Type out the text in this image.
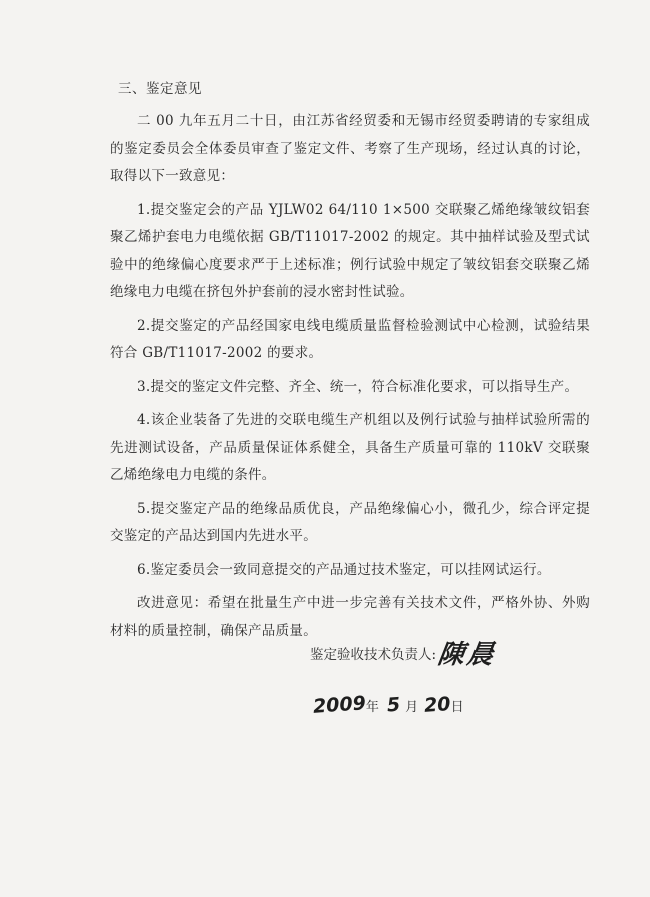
三、鉴定意见

二 00 九年五月二十日，由江苏省经贸委和无锡市经贸委聘请的专家组成的鉴定委员会全体委员审查了鉴定文件、考察了生产现场，经过认真的讨论，取得以下一致意见：

1.提交鉴定会的产品 YJLW02 64/110 1×500 交联聚乙烯绝缘皱纹铝套聚乙烯护套电力电缆依据 GB/T11017-2002 的规定。其中抽样试验及型式试验中的绝缘偏心度要求严于上述标准；例行试验中规定了皱纹铝套交联聚乙烯绝缘电力电缆在挤包外护套前的浸水密封性试验。

2.提交鉴定的产品经国家电线电缆质量监督检验测试中心检测，试验结果符合 GB/T11017-2002 的要求。

3.提交的鉴定文件完整、齐全、统一，符合标准化要求，可以指导生产。

4.该企业装备了先进的交联电缆生产机组以及例行试验与抽样试验所需的先进测试设备，产品质量保证体系健全，具备生产质量可靠的 110kV 交联聚乙烯绝缘电力电缆的条件。

5.提交鉴定产品的绝缘品质优良，产品绝缘偏心小，微孔少，综合评定提交鉴定的产品达到国内先进水平。

6.鉴定委员会一致同意提交的产品通过技术鉴定，可以挂网试运行。

改进意见：希望在批量生产中进一步完善有关技术文件，严格外协、外购材料的质量控制，确保产品质量。

鉴定验收技术负责人: 陳晨
2009 年 5 月 20 日
